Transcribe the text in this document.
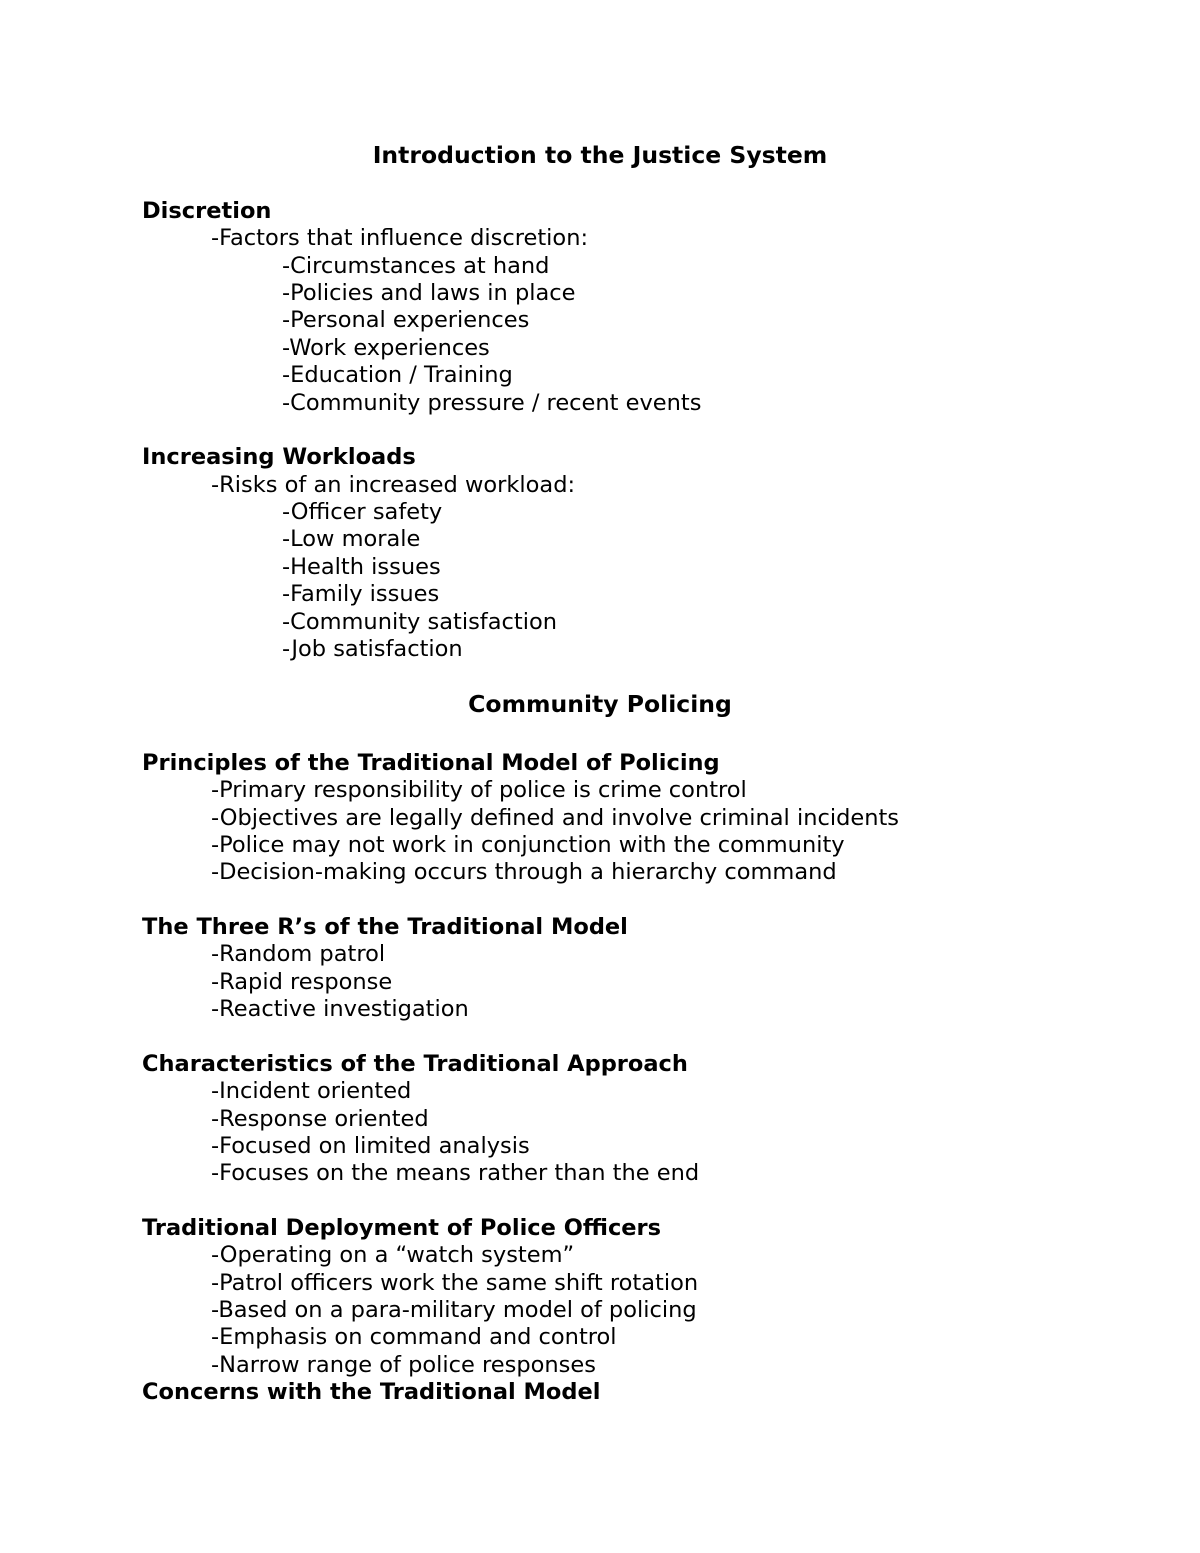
Introduction to the Justice System
Discretion
-Factors that influence discretion:
-Circumstances at hand
-Policies and laws in place
-Personal experiences
-Work experiences
-Education / Training
-Community pressure / recent events
Increasing Workloads
-Risks of an increased workload:
-Officer safety
-Low morale
-Health issues
-Family issues
-Community satisfaction
-Job satisfaction
Community Policing
Principles of the Traditional Model of Policing
-Primary responsibility of police is crime control
-Objectives are legally defined and involve criminal incidents
-Police may not work in conjunction with the community
-Decision-making occurs through a hierarchy command
The Three R’s of the Traditional Model
-Random patrol
-Rapid response
-Reactive investigation
Characteristics of the Traditional Approach
-Incident oriented
-Response oriented
-Focused on limited analysis
-Focuses on the means rather than the end
Traditional Deployment of Police Officers
-Operating on a “watch system”
-Patrol officers work the same shift rotation
-Based on a para-military model of policing
-Emphasis on command and control
-Narrow range of police responses
Concerns with the Traditional Model
